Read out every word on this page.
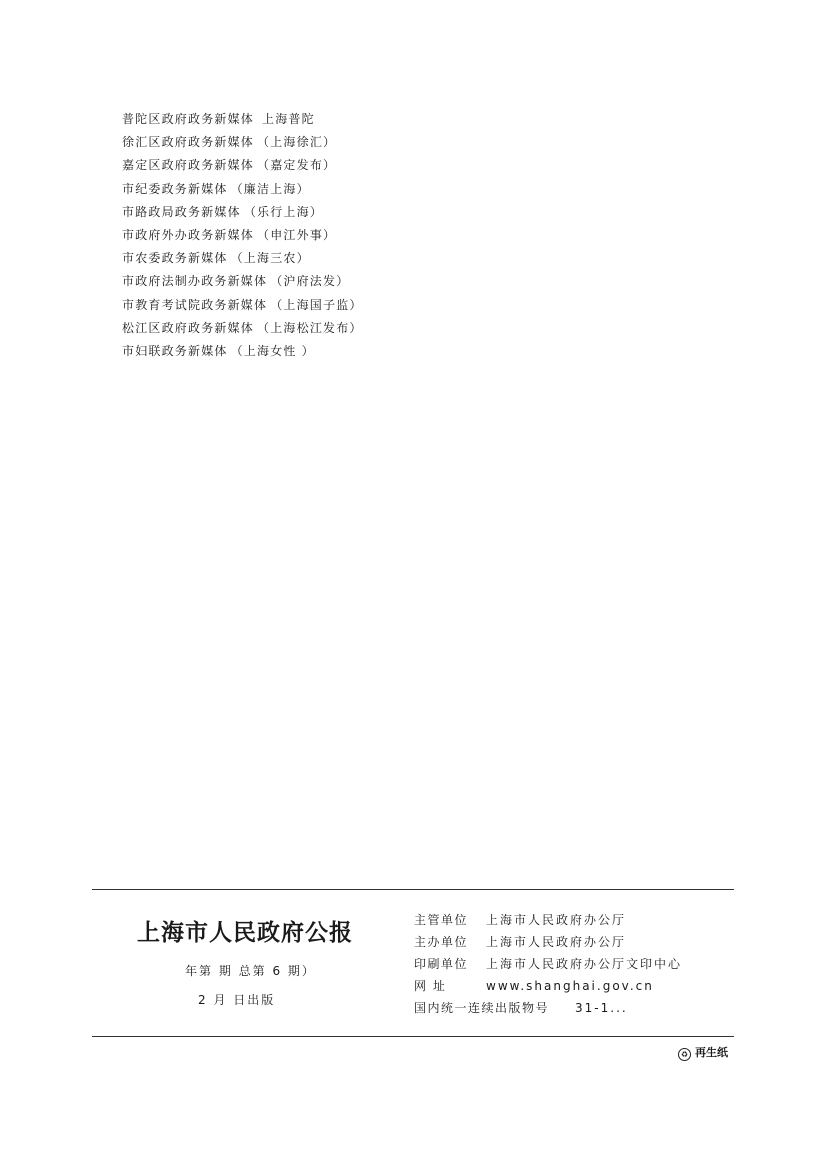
普陀区政府政务新媒体 上海普陀
徐汇区政府政务新媒体 （上海徐汇）
嘉定区政府政务新媒体 （嘉定发布）
市纪委政务新媒体 （廉洁上海）
市路政局政务新媒体 （乐行上海）
市政府外办政务新媒体 （申江外事）
市农委政务新媒体 （上海三农）
市政府法制办政务新媒体 （沪府法发）
市教育考试院政务新媒体 （上海国子监）
松江区政府政务新媒体 （上海松江发布）
市妇联政务新媒体 （上海女性 ）
上海市人民政府公报
年第 期 总第 6 期）
2 月 日出版
主管单位 上海市人民政府办公厅
主办单位 上海市人民政府办公厅
印刷单位 上海市人民政府办公厅文印中心
网 址	www.shanghai.gov.cn
国内统一连续出版物号 31-1...
♻ 再生纸
